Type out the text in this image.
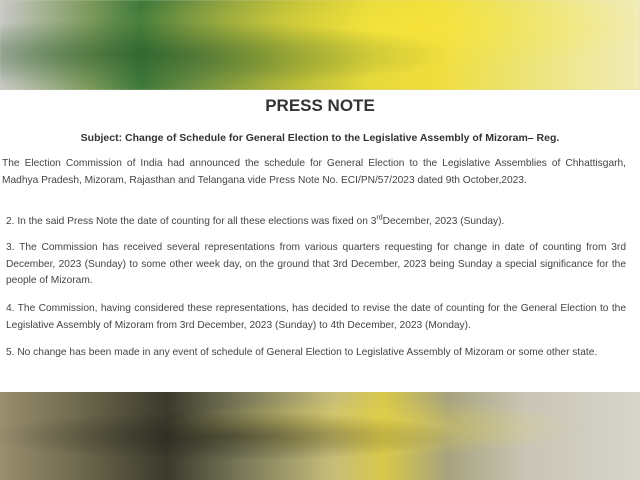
PRESS NOTE
Subject: Change of Schedule for General Election to the Legislative Assembly of Mizoram– Reg.

The Election Commission of India had announced the schedule for General Election to the Legislative Assemblies of Chhattisgarh, Madhya Pradesh, Mizoram, Rajasthan and Telangana vide Press Note No. ECI/PN/57/2023 dated 9th October,2023.

2. In the said Press Note the date of counting for all these elections was fixed on 3rdDecember, 2023 (Sunday).

3. The Commission has received several representations from various quarters requesting for change in date of counting from 3rd December, 2023 (Sunday) to some other week day, on the ground that 3rd December, 2023 being Sunday a special significance for the people of Mizoram.

4. The Commission, having considered these representations, has decided to revise the date of counting for the General Election to the Legislative Assembly of Mizoram from 3rd December, 2023 (Sunday) to 4th December, 2023 (Monday).

5. No change has been made in any event of schedule of General Election to Legislative Assembly of Mizoram or some other state.
